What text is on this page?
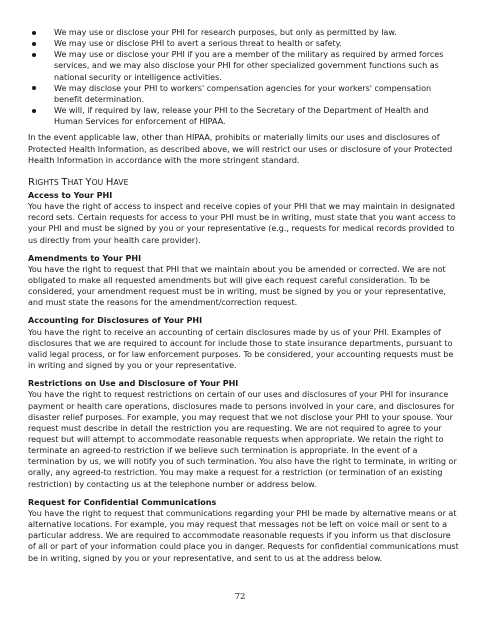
We may use or disclose your PHI for research purposes, but only as permitted by law.
We may use or disclose PHI to avert a serious threat to health or safety.
We may use or disclose your PHI if you are a member of the military as required by armed forces services, and we may also disclose your PHI for other specialized government functions such as national security or intelligence activities.
We may disclose your PHI to workers' compensation agencies for your workers' compensation benefit determination.
We will, if required by law, release your PHI to the Secretary of the Department of Health and Human Services for enforcement of HIPAA.

In the event applicable law, other than HIPAA, prohibits or materially limits our uses and disclosures of Protected Health Information, as described above, we will restrict our uses or disclosure of your Protected Health Information in accordance with the more stringent standard.

RIGHTS THAT YOU HAVE

Access to Your PHI

You have the right of access to inspect and receive copies of your PHI that we may maintain in designated record sets. Certain requests for access to your PHI must be in writing, must state that you want access to your PHI and must be signed by you or your representative (e.g., requests for medical records provided to us directly from your health care provider).

Amendments to Your PHI

You have the right to request that PHI that we maintain about you be amended or corrected. We are not obligated to make all requested amendments but will give each request careful consideration. To be considered, your amendment request must be in writing, must be signed by you or your representative, and must state the reasons for the amendment/correction request.

Accounting for Disclosures of Your PHI

You have the right to receive an accounting of certain disclosures made by us of your PHI. Examples of disclosures that we are required to account for include those to state insurance departments, pursuant to valid legal process, or for law enforcement purposes. To be considered, your accounting requests must be in writing and signed by you or your representative.

Restrictions on Use and Disclosure of Your PHI

You have the right to request restrictions on certain of our uses and disclosures of your PHI for insurance payment or health care operations, disclosures made to persons involved in your care, and disclosures for disaster relief purposes. For example, you may request that we not disclose your PHI to your spouse. Your request must describe in detail the restriction you are requesting. We are not required to agree to your request but will attempt to accommodate reasonable requests when appropriate. We retain the right to terminate an agreed-to restriction if we believe such termination is appropriate. In the event of a termination by us, we will notify you of such termination. You also have the right to terminate, in writing or orally, any agreed-to restriction. You may make a request for a restriction (or termination of an existing restriction) by contacting us at the telephone number or address below.

Request for Confidential Communications

You have the right to request that communications regarding your PHI be made by alternative means or at alternative locations. For example, you may request that messages not be left on voice mail or sent to a particular address. We are required to accommodate reasonable requests if you inform us that disclosure of all or part of your information could place you in danger. Requests for confidential communications must be in writing, signed by you or your representative, and sent to us at the address below.

72
